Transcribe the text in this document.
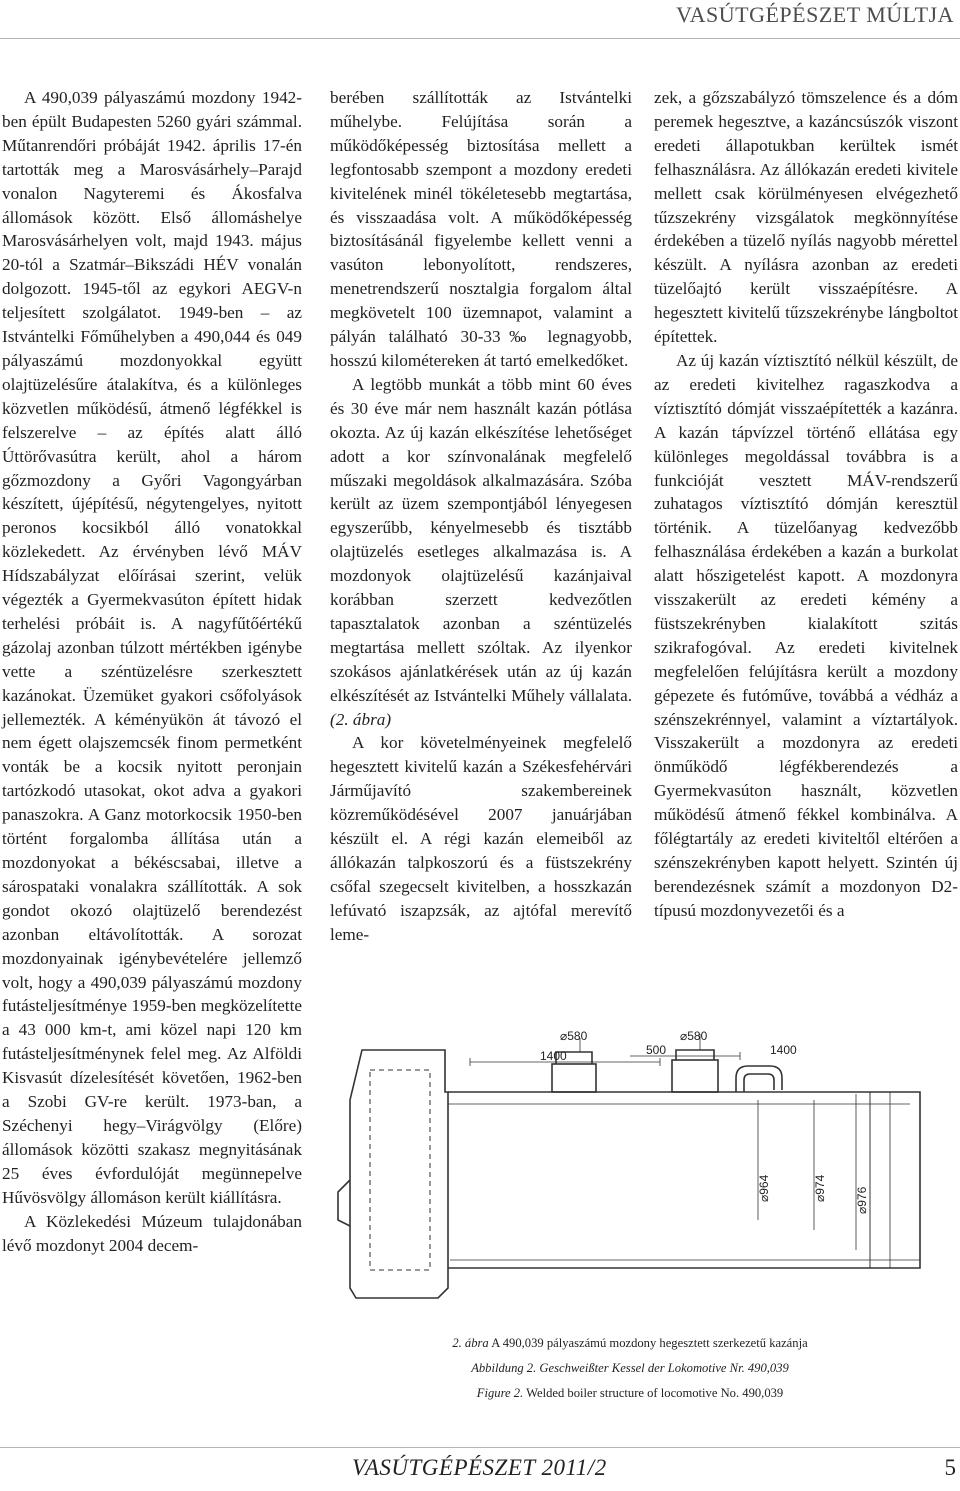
VASÚTGÉPÉSZET MÚLTJA

A 490,039 pályaszámú mozdony 1942-ben épült Budapesten 5260 gyári számmal. Műtanrendőri próbáját 1942. április 17-én tartották meg a Marosvásárhely–Parajd vonalon Nagyteremi és Ákosfalva állomások között. Első állomáshelye Marosvásárhelyen volt, majd 1943. május 20-tól a Szatmár–Bikszádi HÉV vonalán dolgozott. 1945-től az egykori AEGV-n teljesített szolgálatot. 1949-ben – az Istvántelki Főműhelyben a 490,044 és 049 pályaszámú mozdonyokkal együtt olajtüzelésűre átalakítva, és a különleges közvetlen működésű, átmenő légfékkel is felszerelve – az építés alatt álló Úttörővasútra került, ahol a három gőzmozdony a Győri Vagongyárban készített, újépítésű, négytengelyes, nyitott peronos kocsikból álló vonatokkal közlekedett. Az érvényben lévő MÁV Hídszabályzat előírásai szerint, velük végezték a Gyermekvasúton épített hidak terhelési próbáit is. A nagyfűtőértékű gázolaj azonban túlzott mértékben igénybe vette a széntüzelésre szerkesztett kazánokat. Üzemüket gyakori csőfolyások jellemezték. A kéményükön át távozó el nem égett olajszemcsék finom permetként vonták be a kocsik nyitott peronjain tartózkodó utasokat, okot adva a gyakori panaszokra. A Ganz motorkocsik 1950-ben történt forgalomba állítása után a mozdonyokat a békéscsabai, illetve a sárospataki vonalakra szállították. A sok gondot okozó olajtüzelő berendezést azonban eltávolították. A sorozat mozdonyainak igénybevételére jellemző volt, hogy a 490,039 pályaszámú mozdony futásteljesítménye 1959-ben megközelítette a 43 000 km-t, ami közel napi 120 km futásteljesítménynek felel meg. Az Alföldi Kisvasút dízelesítését követően, 1962-ben a Szobi GV-re került. 1973-ban, a Széchenyi hegy–Virágvölgy (Előre) állomások közötti szakasz megnyitásának 25 éves évfordulóját megünnepelve Hűvösvölgy állomáson került kiállításra.

A Közlekedési Múzeum tulajdonában lévő mozdonyt 2004 decem-

berében szállították az Istvántelki műhelybe. Felújítása során a működőképesség biztosítása mellett a legfontosabb szempont a mozdony eredeti kivitelének minél tökéletesebb megtartása, és visszaadása volt. A működőképesség biztosításánál figyelembe kellett venni a vasúton lebonyolított, rendszeres, menetrendszerű nosztalgia forgalom által megkövetelt 100 üzemnapot, valamint a pályán található 30-33‰ legnagyobb, hosszú kilométereken át tartó emelkedőket.

A legtöbb munkát a több mint 60 éves és 30 éve már nem használt kazán pótlása okozta. Az új kazán elkészítése lehetőséget adott a kor színvonalának megfelelő műszaki megoldások alkalmazására. Szóba került az üzem szempontjából lényegesen egyszerűbb, kényelmesebb és tisztább olajtüzelés esetleges alkalmazása is. A mozdonyok olajtüzelésű kazánjaival korábban szerzett kedvezőtlen tapasztalatok azonban a széntüzelés megtartása mellett szóltak. Az ilyenkor szokásos ajánlatkérések után az új kazán elkészítését az Istvántelki Műhely vállalata. (2. ábra)

A kor követelményeinek megfelelő hegesztett kivitelű kazán a Székesfehérvári Járműjavító szakembereinek közreműködésével 2007 januárjában készült el. A régi kazán elemeiből az állókazán talpkoszorú és a füstszekrény csőfal szegecselt kivitelben, a hosszkazán lefúvató iszapzsák, az ajtófal merevítő leme-

zek, a gőzszabályzó tömszelence és a dóm peremek hegesztve, a kazáncsúszók viszont eredeti állapotukban kerültek ismét felhasználásra. Az állókazán eredeti kivitele mellett csak körülményesen elvégezhető tűzszekrény vizsgálatok megkönnyítése érdekében a tüzelő nyílás nagyobb mérettel készült. A nyílásra azonban az eredeti tüzelőajtó került visszaépítésre. A hegesztett kivitelű tűzszekrénybe lángboltot építettek.

Az új kazán víztisztító nélkül készült, de az eredeti kivitelhez ragaszkodva a víztisztító dómját visszaépítették a kazánra. A kazán tápvízzel történő ellátása egy különleges megoldással továbbra is a funkcióját vesztett MÁV-rendszerű zuhatagos víztisztító dómján keresztül történik. A tüzelőanyag kedvezőbb felhasználása érdekében a kazán a burkolat alatt hőszigetelést kapott. A mozdonyra visszakerült az eredeti kémény a füstszekrényben kialakított szitás szikrafogóval. Az eredeti kivitelnek megfelelően felújításra került a mozdony gépezete és futóműve, továbbá a védház a szénszekrénnyel, valamint a víztartályok. Visszakerült a mozdonyra az eredeti önműködő légfékberendezés a Gyermekvasúton használt, közvetlen működésű átmenő fékkel kombinálva. A főlégtartály az eredeti kiviteltől eltérően a szénszekrényben kapott helyett. Szintén új berendezésnek számít a mozdonyon D2-típusú mozdonyvezetői és a

⌀580
1400
⌀580
500	1400
⌀964	⌀974 ⌀976
2. ábra A 490,039 pályaszámú mozdony hegesztett szerkezetű kazánja
Abbildung 2. Geschweißter Kessel der Lokomotive Nr. 490,039
Figure 2. Welded boiler structure of locomotive No. 490,039
VASÚTGÉPÉSZET 2011/2	5
